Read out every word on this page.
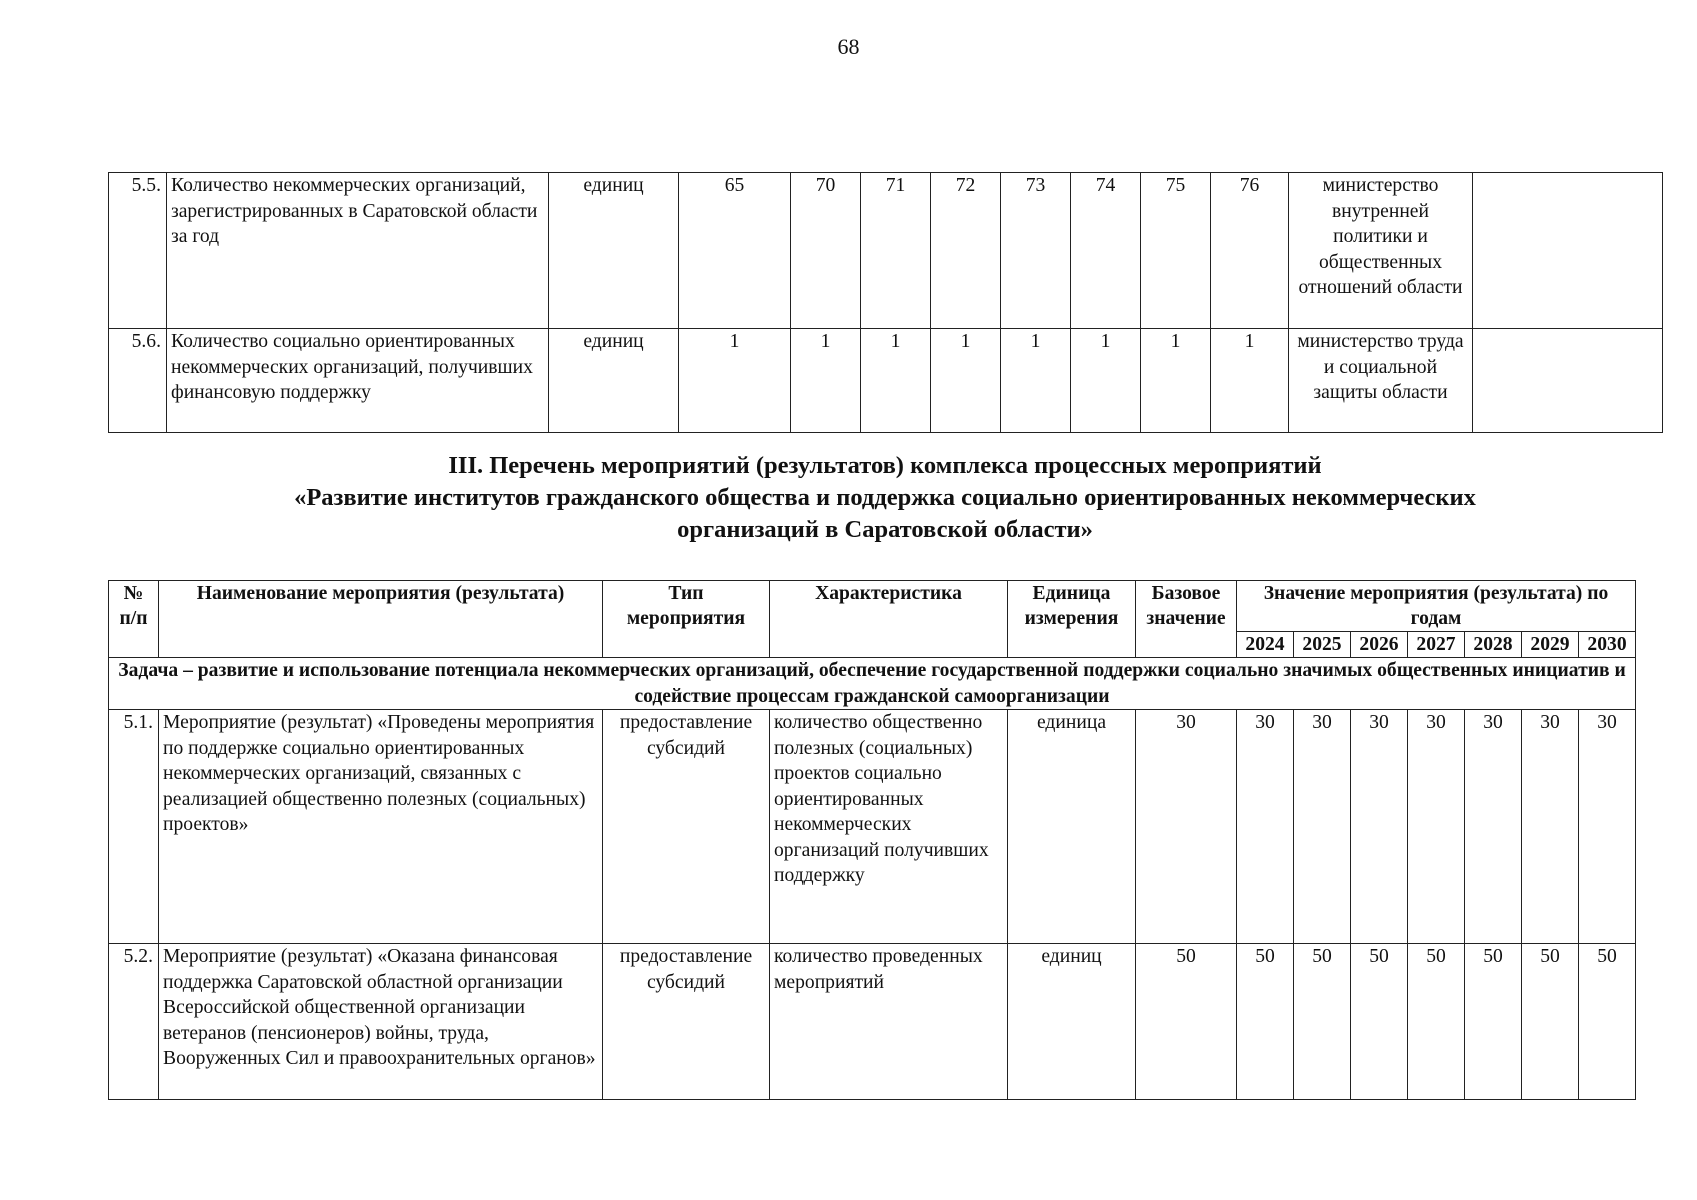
68
5.5.	Количество некоммерческих организаций, зарегистрированных в Саратовской области за год	единиц	65	70	71	72	73	74	75	76	министерство внутренней политики и общественных отношений области	
5.6.	Количество социально ориентированных некоммерческих организаций, получивших финансовую поддержку	единиц	1	1	1	1	1	1	1	1	министерство труда и социальной защиты области	
III. Перечень мероприятий (результатов) комплекса процессных мероприятий
«Развитие институтов гражданского общества и поддержка социально ориентированных некоммерческих
организаций в Саратовской области»
№ п/п	Наименование мероприятия (результата)	Тип мероприятия	Характеристика	Единица измерения	Базовое значение	Значение мероприятия (результата) по годам						
						2024	2025	2026	2027	2028	2029	2030
Задача – развитие и использование потенциала некоммерческих организаций, обеспечение государственной поддержки социально значимых общественных инициатив и содействие процессам гражданской самоорганизации												
5.1.	Мероприятие (результат) «Проведены мероприятия по поддержке социально ориентированных некоммерческих организаций, связанных с реализацией общественно полезных (социальных) проектов»	предоставление субсидий	количество общественно полезных (социальных) проектов социально ориентированных некоммерческих организаций получивших поддержку	единица	30	30	30	30	30	30	30	30
5.2.	Мероприятие (результат) «Оказана финансовая поддержка Саратовской областной организации Всероссийской общественной организации ветеранов (пенсионеров) войны, труда, Вооруженных Сил и правоохранительных органов»	предоставление субсидий	количество проведенных мероприятий	единиц	50	50	50	50	50	50	50	50
